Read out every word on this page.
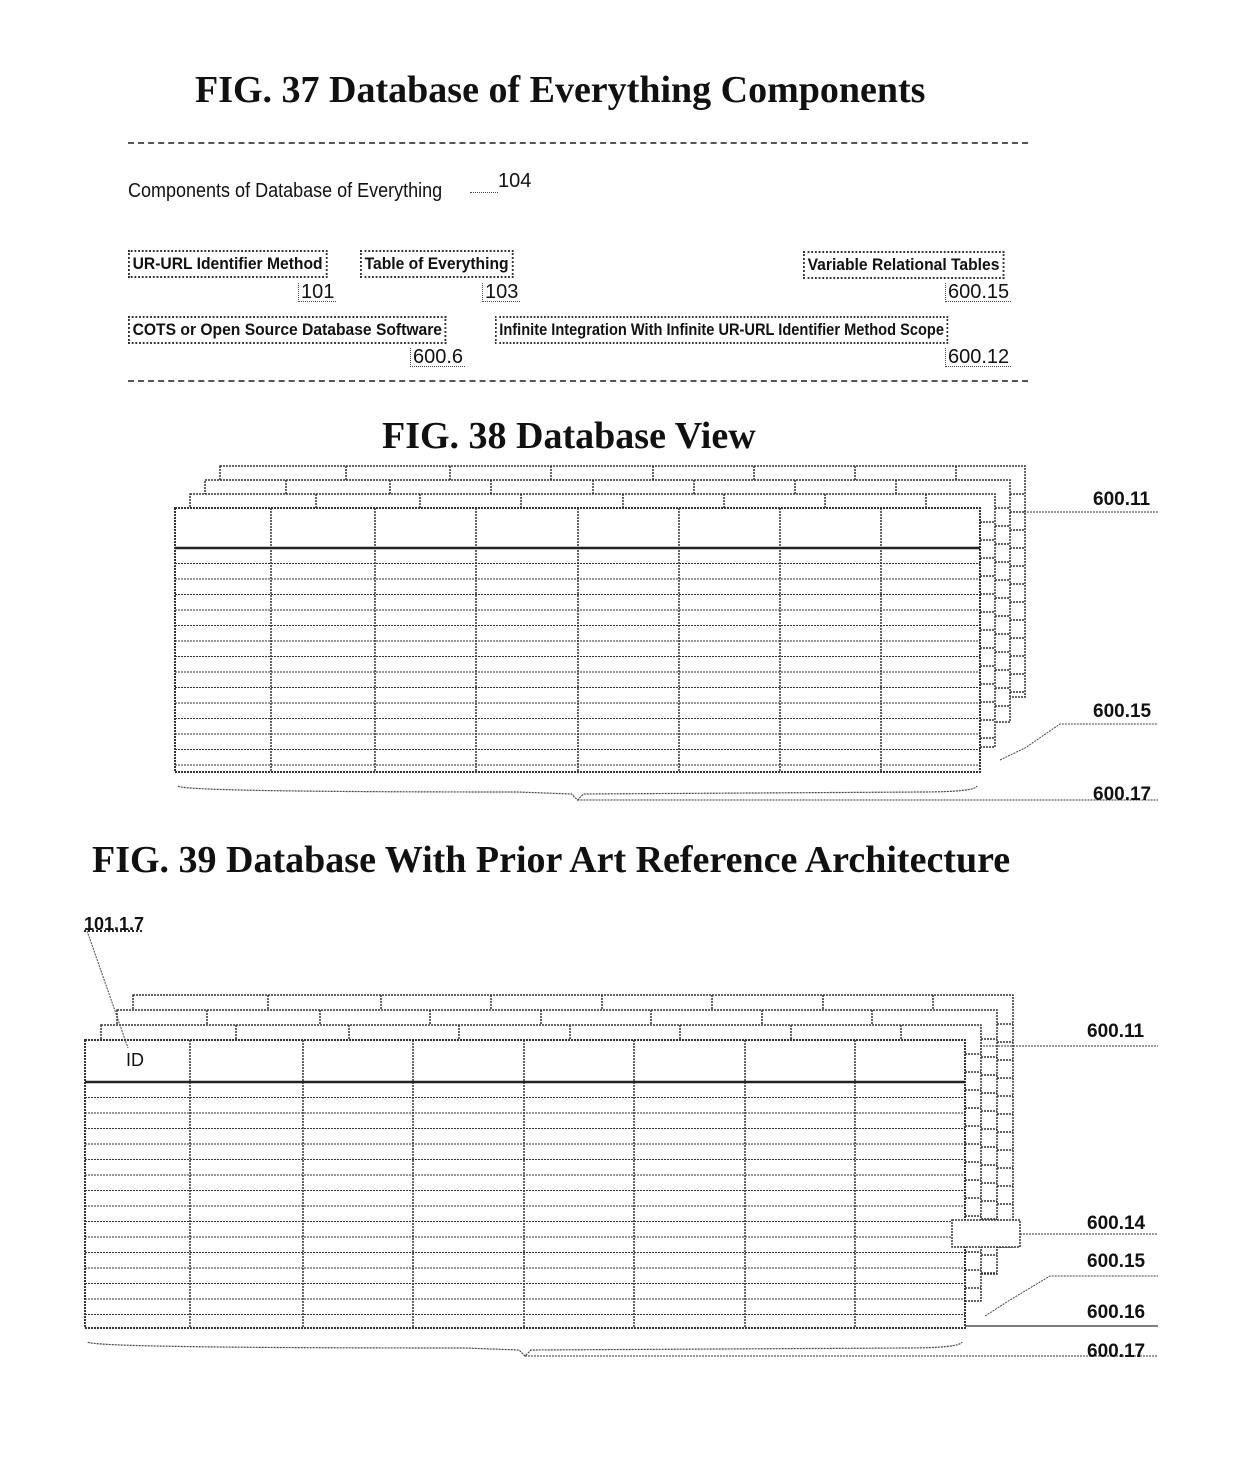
FIG. 37 Database of Everything Components
Components of Database of Everything	104
UR-URL Identifier Method
101
Table of Everything
103
Variable Relational Tables
600.15
COTS or Open Source Database Software
600.6
Infinite Integration With Infinite UR-URL Identifier Method Scope
600.12
FIG. 38 Database View
600.11
600.15
600.17
FIG. 39 Database With Prior Art Reference Architecture
101.1.7
ID
600.11
600.14
600.15
600.16
600.17
